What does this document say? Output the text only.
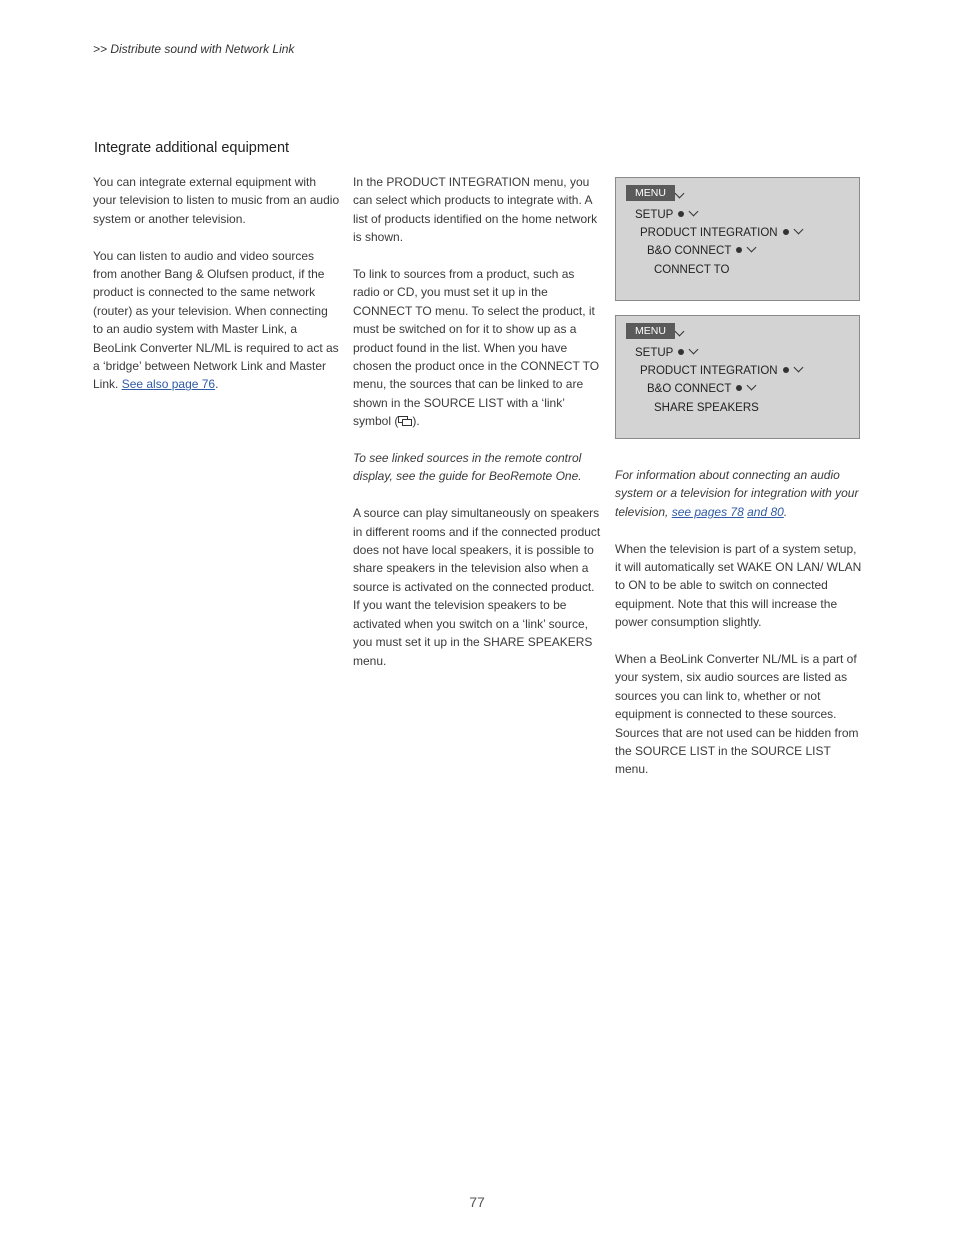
>> Distribute sound with Network Link
Integrate additional equipment

You can integrate external equipment with your television to listen to music from an audio system or another television.

You can listen to audio and video sources from another Bang & Olufsen product, if the product is connected to the same network (router) as your television. When connecting to an audio system with Master Link, a BeoLink Converter NL/ML is required to act as a ‘bridge’ between Network Link and Master Link. See also page 76.

In the PRODUCT INTEGRATION menu, you can select which products to integrate with. A list of products identified on the home network is shown.

To link to sources from a product, such as radio or CD, you must set it up in the CONNECT TO menu. To select the product, it must be switched on for it to show up as a product found in the list. When you have chosen the product once in the CONNECT TO menu, the sources that can be linked to are shown in the SOURCE LIST with a ‘link’ symbol ( ).

To see linked sources in the remote control display, see the guide for BeoRemote One.

A source can play simultaneously on speakers in different rooms and if the connected product does not have local speakers, it is possible to share speakers in the television also when a source is activated on the connected product. If you want the television speakers to be activated when you switch on a ‘link’ source, you must set it up in the SHARE SPEAKERS menu.

MENU
SETUP
PRODUCT INTEGRATION
B&O CONNECT
CONNECT TO
MENU
SETUP
PRODUCT INTEGRATION
B&O CONNECT
SHARE SPEAKERS

For information about connecting an audio system or a television for integration with your television, see pages 78 and 80.

When the television is part of a system setup, it will automatically set WAKE ON LAN/ WLAN to ON to be able to switch on connected equipment. Note that this will increase the power consumption slightly.

When a BeoLink Converter NL/ML is a part of your system, six audio sources are listed as sources you can link to, whether or not equipment is connected to these sources. Sources that are not used can be hidden from the SOURCE LIST in the SOURCE LIST menu.

77
